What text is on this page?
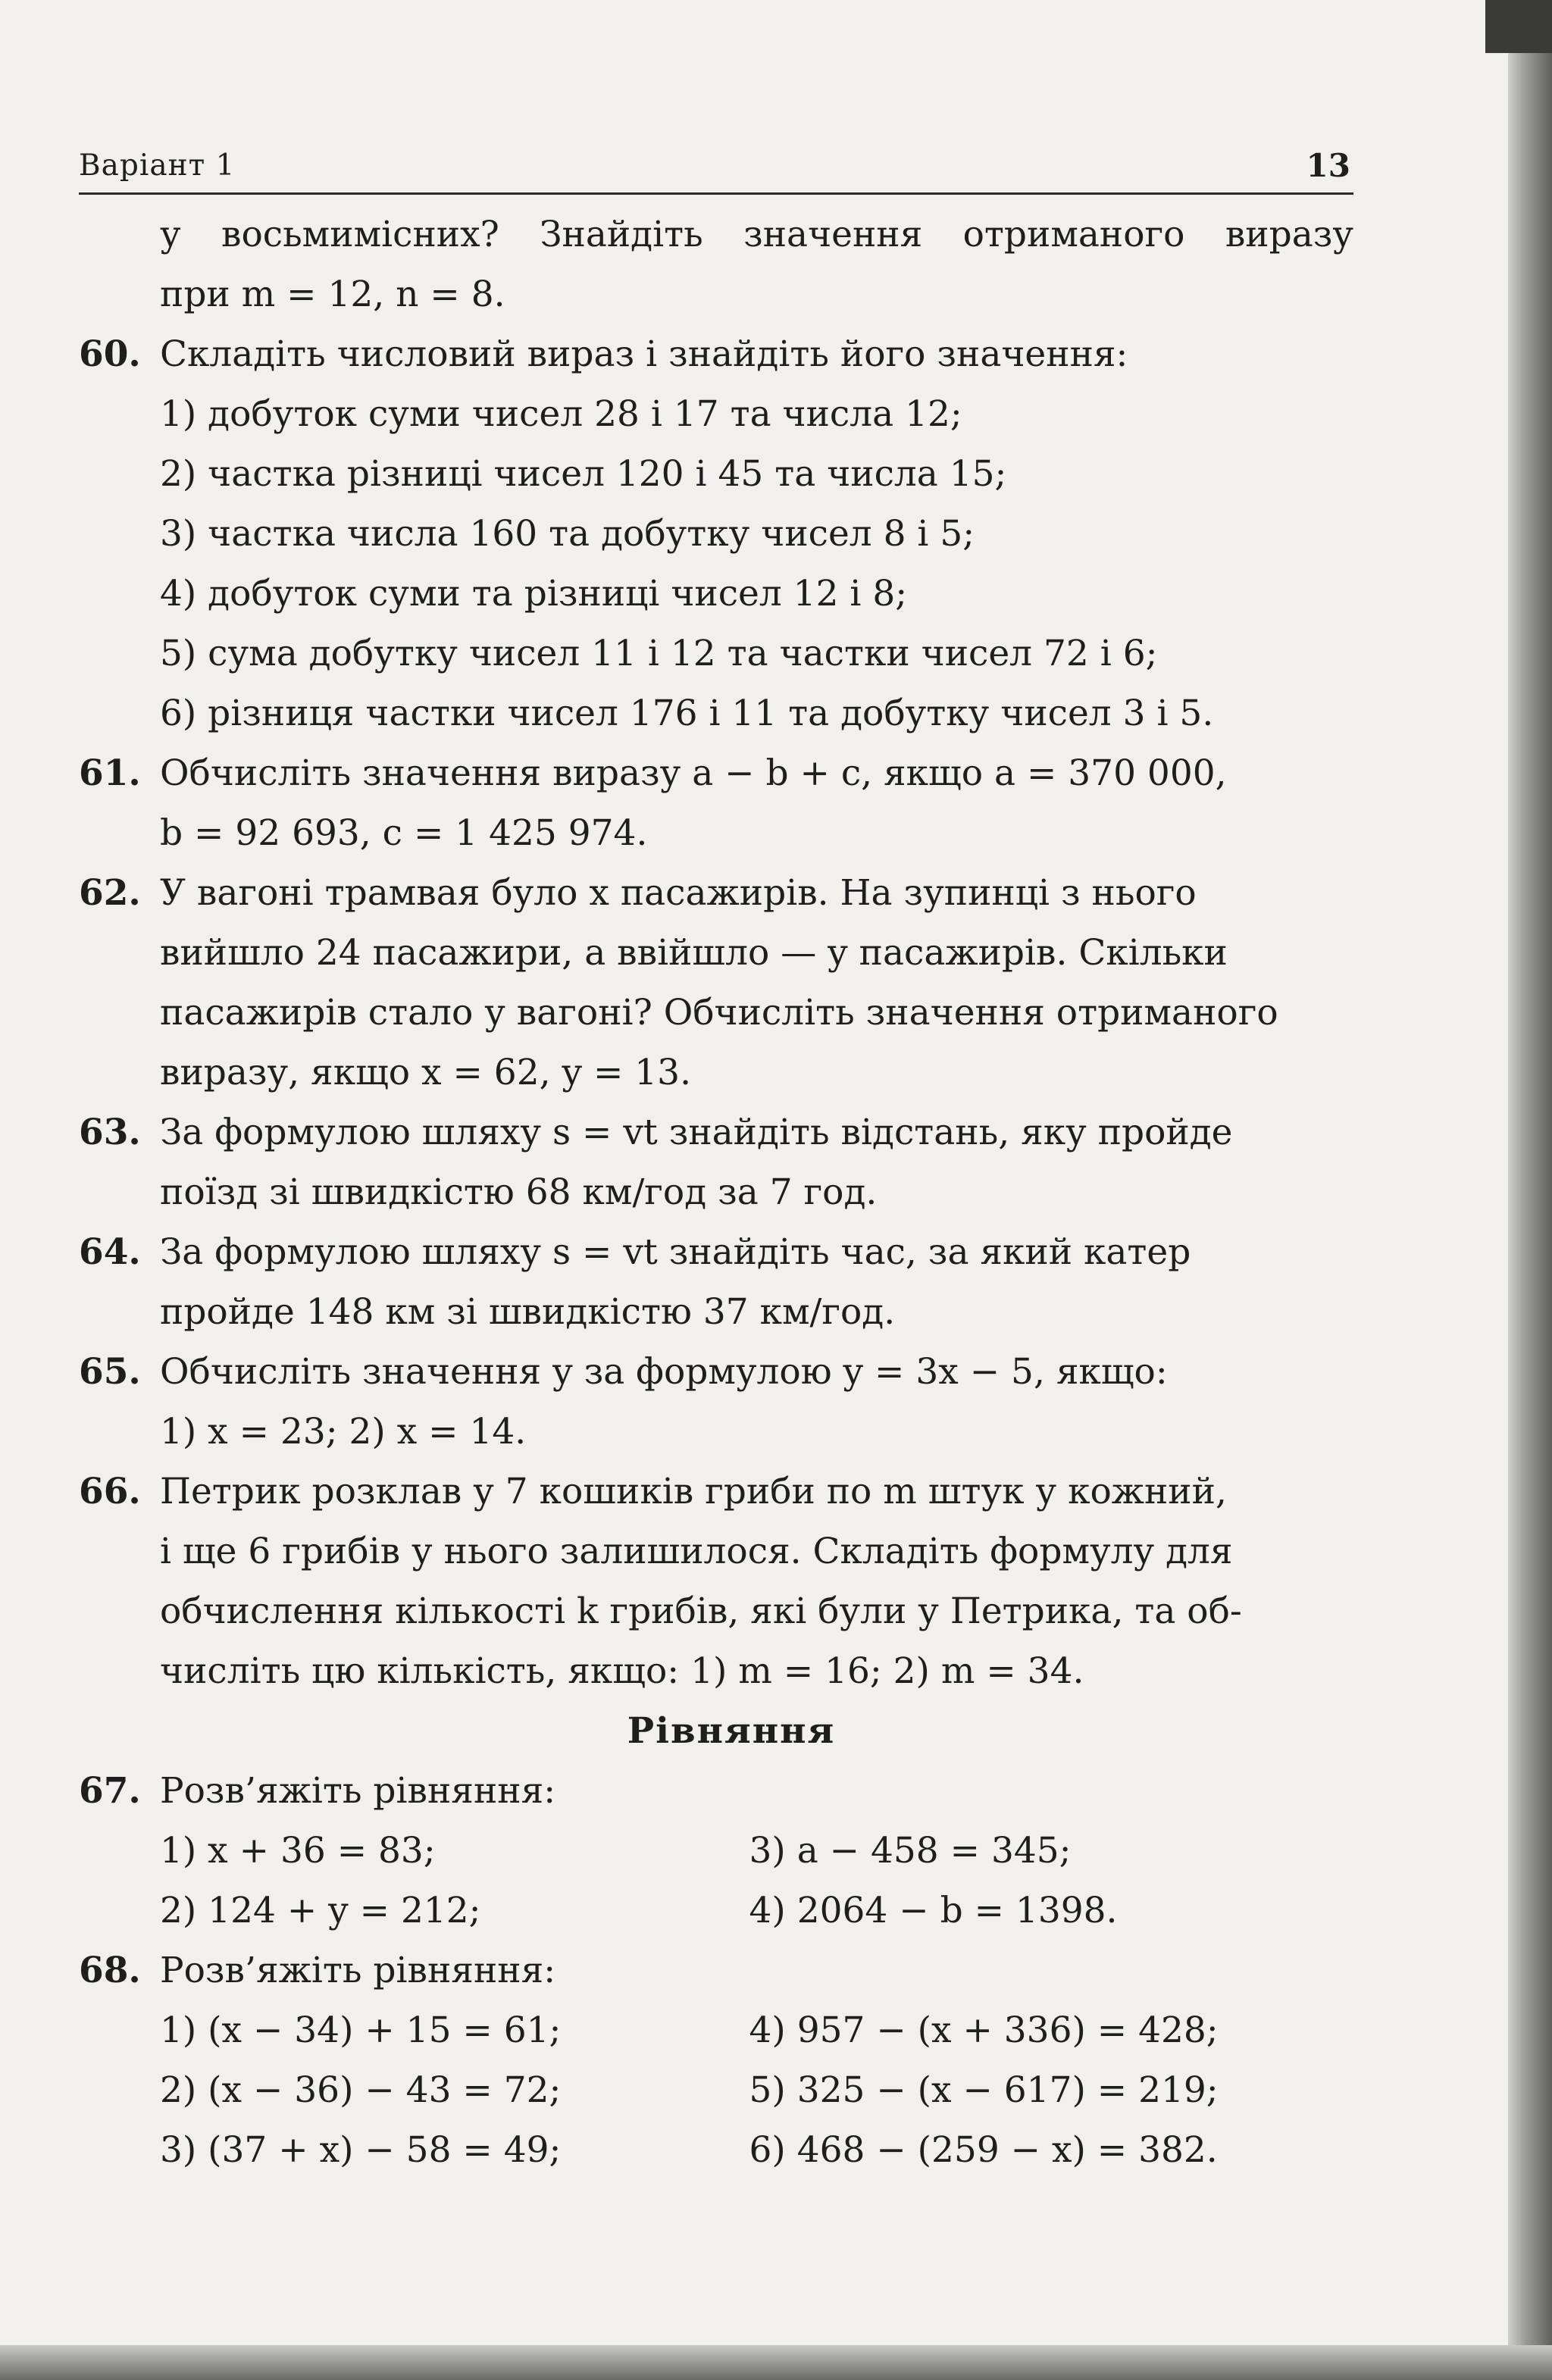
Варіант 1	13
у восьмимісних? Знайдіть значення отриманого виразу
при m = 12, n = 8.
60. Складіть числовий вираз і знайдіть його значення:
1) добуток суми чисел 28 і 17 та числа 12;
2) частка різниці чисел 120 і 45 та числа 15;
3) частка числа 160 та добутку чисел 8 і 5;
4) добуток суми та різниці чисел 12 і 8;
5) сума добутку чисел 11 і 12 та частки чисел 72 і 6;
6) різниця частки чисел 176 і 11 та добутку чисел 3 і 5.
61. Обчисліть значення виразу a − b + c, якщо a = 370 000,
b = 92 693, c = 1 425 974.
62. У вагоні трамвая було x пасажирів. На зупинці з нього
вийшло 24 пасажири, а ввійшло — y пасажирів. Скільки
пасажирів стало у вагоні? Обчисліть значення отриманого
виразу, якщо x = 62, y = 13.
63. За формулою шляху s = vt знайдіть відстань, яку пройде
поїзд зі швидкістю 68 км/год за 7 год.
64. За формулою шляху s = vt знайдіть час, за який катер
пройде 148 км зі швидкістю 37 км/год.
65. Обчисліть значення y за формулою y = 3x − 5, якщо:
1) x = 23; 2) x = 14.
66. Петрик розклав у 7 кошиків гриби по m штук у кожний,
і ще 6 грибів у нього залишилося. Складіть формулу для
обчислення кількості k грибів, які були у Петрика, та об-
числіть цю кількість, якщо: 1) m = 16; 2) m = 34.
Рівняння
67. Розв’яжіть рівняння:
1) x + 36 = 83;	3) a − 458 = 345;
2) 124 + y = 212;	4) 2064 − b = 1398.
68. Розв’яжіть рівняння:
1) (x − 34) + 15 = 61;	4) 957 − (x + 336) = 428;
2) (x − 36) − 43 = 72;	5) 325 − (x − 617) = 219;
3) (37 + x) − 58 = 49;	6) 468 − (259 − x) = 382.
